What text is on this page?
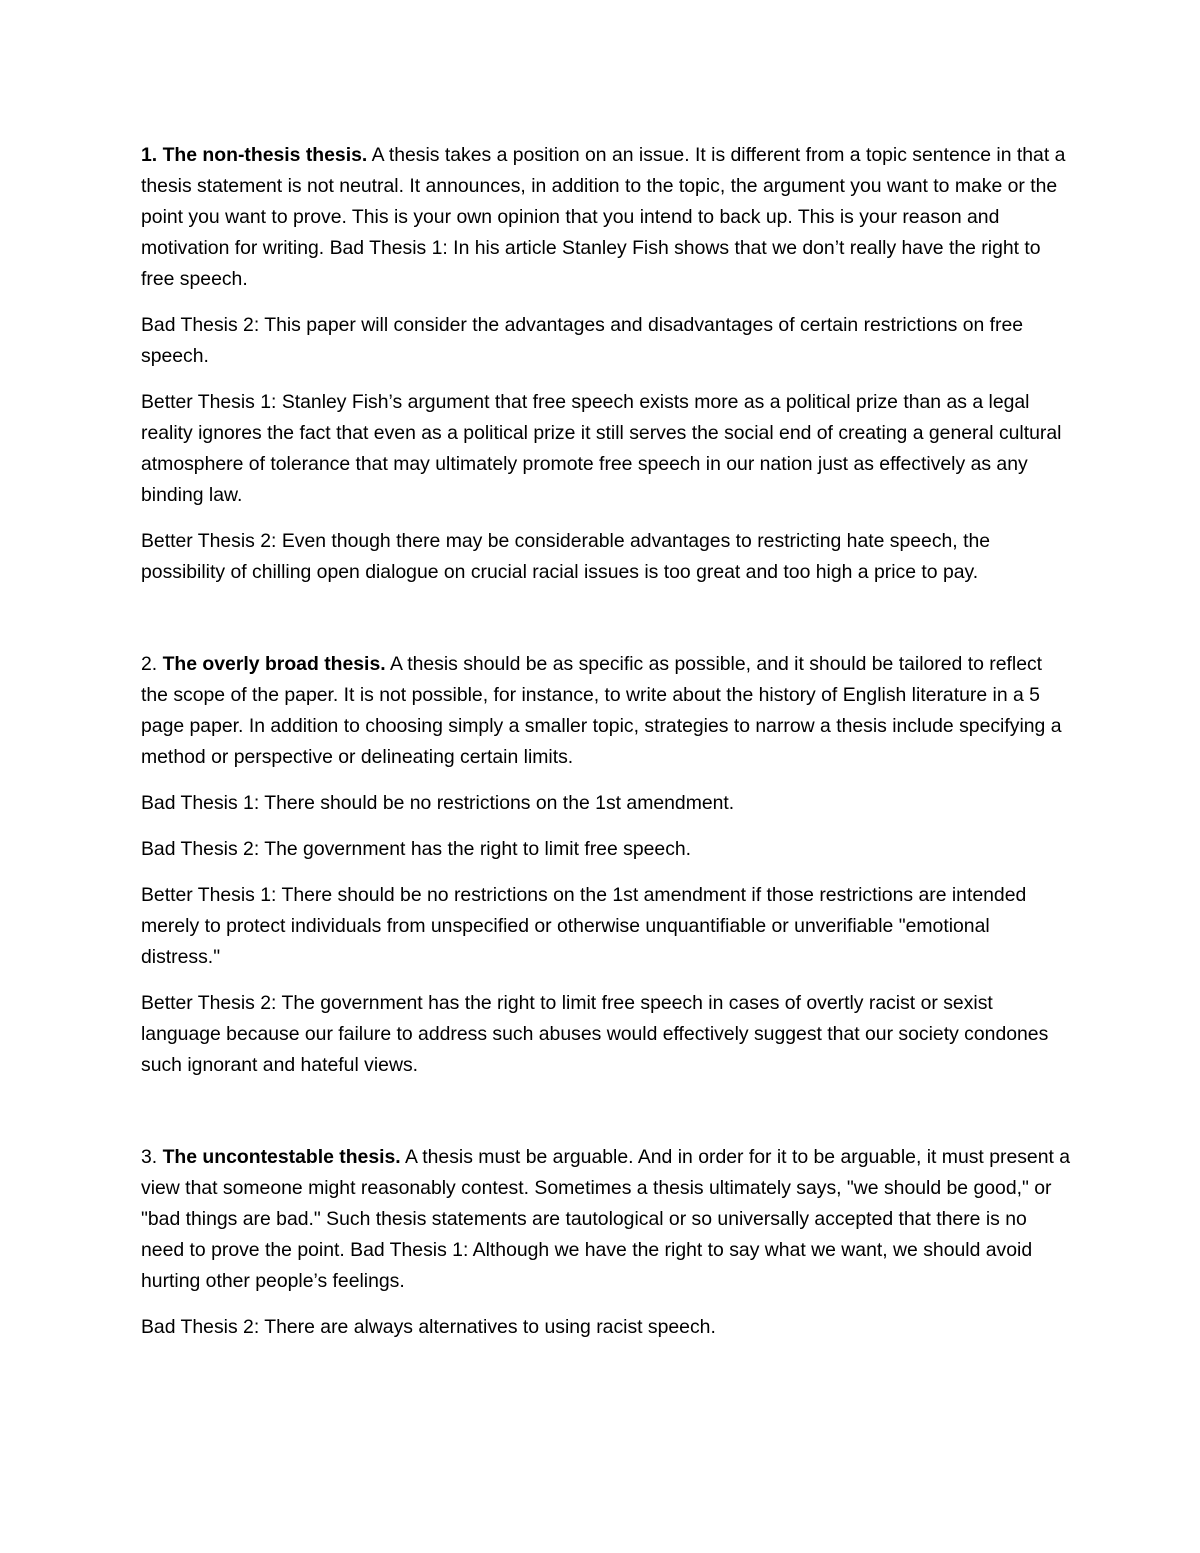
1. The non-thesis thesis. A thesis takes a position on an issue. It is different from a topic sentence in that a thesis statement is not neutral. It announces, in addition to the topic, the argument you want to make or the point you want to prove. This is your own opinion that you intend to back up. This is your reason and motivation for writing. Bad Thesis 1: In his article Stanley Fish shows that we don’t really have the right to free speech.

Bad Thesis 2: This paper will consider the advantages and disadvantages of certain restrictions on free speech.

Better Thesis 1: Stanley Fish’s argument that free speech exists more as a political prize than as a legal reality ignores the fact that even as a political prize it still serves the social end of creating a general cultural atmosphere of tolerance that may ultimately promote free speech in our nation just as effectively as any binding law.

Better Thesis 2: Even though there may be considerable advantages to restricting hate speech, the possibility of chilling open dialogue on crucial racial issues is too great and too high a price to pay.

2. The overly broad thesis. A thesis should be as specific as possible, and it should be tailored to reflect the scope of the paper. It is not possible, for instance, to write about the history of English literature in a 5 page paper. In addition to choosing simply a smaller topic, strategies to narrow a thesis include specifying a method or perspective or delineating certain limits.

Bad Thesis 1: There should be no restrictions on the 1st amendment.

Bad Thesis 2: The government has the right to limit free speech.

Better Thesis 1: There should be no restrictions on the 1st amendment if those restrictions are intended merely to protect individuals from unspecified or otherwise unquantifiable or unverifiable "emotional distress."

Better Thesis 2: The government has the right to limit free speech in cases of overtly racist or sexist language because our failure to address such abuses would effectively suggest that our society condones such ignorant and hateful views.

3. The uncontestable thesis. A thesis must be arguable. And in order for it to be arguable, it must present a view that someone might reasonably contest. Sometimes a thesis ultimately says, "we should be good," or "bad things are bad." Such thesis statements are tautological or so universally accepted that there is no need to prove the point. Bad Thesis 1: Although we have the right to say what we want, we should avoid hurting other people’s feelings.

Bad Thesis 2: There are always alternatives to using racist speech.
